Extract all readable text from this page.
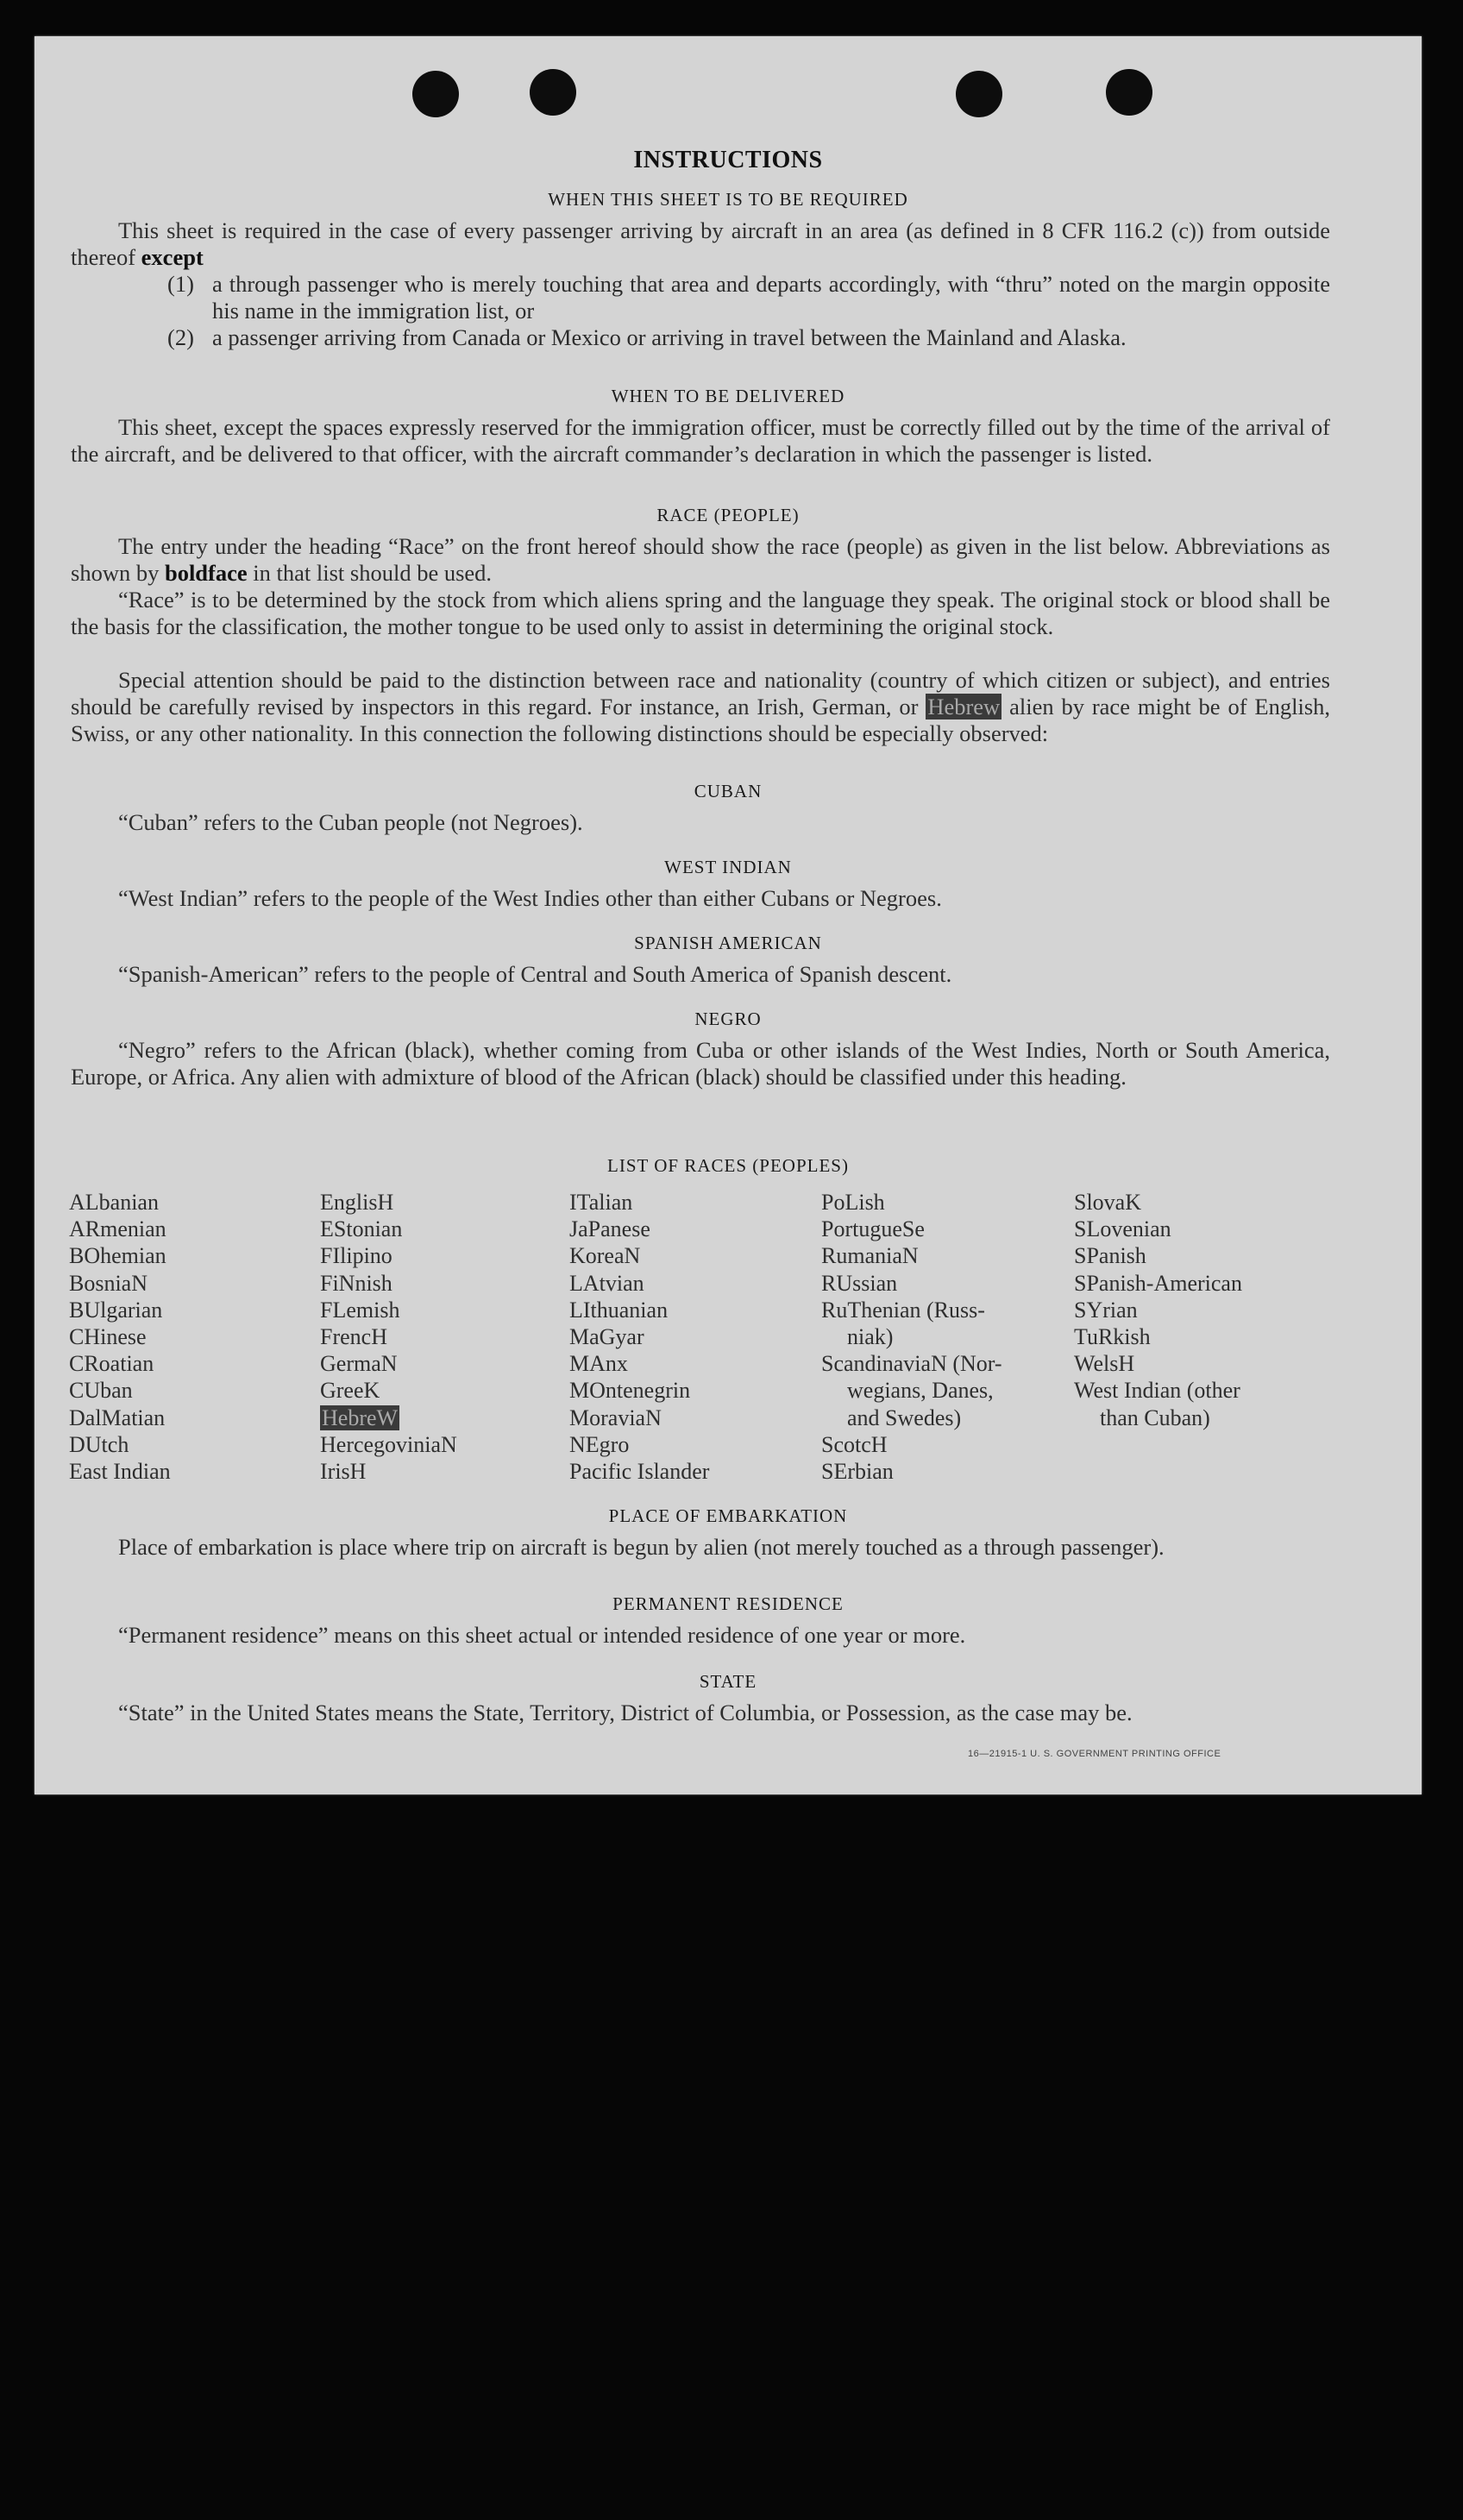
INSTRUCTIONS
WHEN THIS SHEET IS TO BE REQUIRED
This sheet is required in the case of every passenger arriving by aircraft in an area (as defined in 8 CFR 116.2 (c)) from outside thereof except
(1) a through passenger who is merely touching that area and departs accordingly, with “thru” noted on the margin opposite his name in the immigration list, or
(2) a passenger arriving from Canada or Mexico or arriving in travel between the Mainland and Alaska.
WHEN TO BE DELIVERED
This sheet, except the spaces expressly reserved for the immigration officer, must be correctly filled out by the time of the arrival of the aircraft, and be delivered to that officer, with the aircraft commander’s declaration in which the passenger is listed.
RACE (PEOPLE)
The entry under the heading “Race” on the front hereof should show the race (people) as given in the list below. Abbreviations as shown by boldface in that list should be used.
“Race” is to be determined by the stock from which aliens spring and the language they speak. The original stock or blood shall be the basis for the classification, the mother tongue to be used only to assist in determining the original stock.
Special attention should be paid to the distinction between race and nationality (country of which citizen or subject), and entries should be carefully revised by inspectors in this regard. For instance, an Irish, German, or Hebrew alien by race might be of English, Swiss, or any other nationality. In this connection the following distinctions should be especially observed:
CUBAN
“Cuban” refers to the Cuban people (not Negroes).
WEST INDIAN
“West Indian” refers to the people of the West Indies other than either Cubans or Negroes.
SPANISH AMERICAN
“Spanish-American” refers to the people of Central and South America of Spanish descent.
NEGRO
“Negro” refers to the African (black), whether coming from Cuba or other islands of the West Indies, North or South America, Europe, or Africa. Any alien with admixture of blood of the African (black) should be classified under this heading.
LIST OF RACES (PEOPLES)
ALbanian
ARmenian
BOhemian
BosniaN
BUlgarian
CHinese
CRoatian
CUban
DalMatian
DUtch
East Indian
EnglisH
EStonian
FIlipino
FiNnish
FLemish
FrencH
GermaN
GreeK
HebreW
HercegoviniaN
IrisH
ITalian
JaPanese
KoreaN
LAtvian
LIthuanian
MaGyar
MAnx
MOntenegrin
MoraviaN
NEgro
Pacific Islander
PoLish
PortugueSe
RumaniaN
RUssian
RuThenian (Russ-
niak)
ScandinaviaN (Nor-
wegians, Danes,
and Swedes)
ScotcH
SErbian
SlovaK
SLovenian
SPanish
SPanish-American
SYrian
TuRkish
WelsH
West Indian (other
than Cuban)
PLACE OF EMBARKATION
Place of embarkation is place where trip on aircraft is begun by alien (not merely touched as a through passenger).
PERMANENT RESIDENCE
“Permanent residence” means on this sheet actual or intended residence of one year or more.
STATE
“State” in the United States means the State, Territory, District of Columbia, or Possession, as the case may be.
16—21915-1 U. S. GOVERNMENT PRINTING OFFICE
